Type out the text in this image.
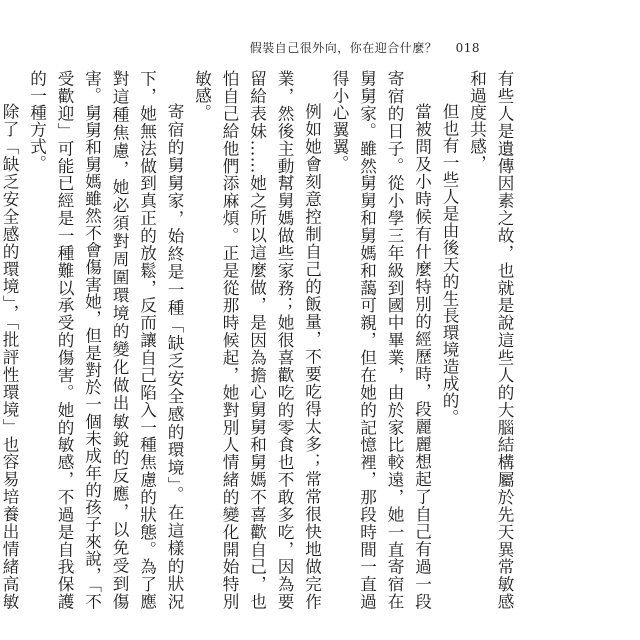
假裝自己很外向，你在迎合什麼？ 018

有些人是遺傳因素之故，也就是說這些人的大腦結構屬於先天異常敏感和過度共感，

但也有一些人是由後天的生長環境造成的。

當被問及小時候有什麼特別的經歷時，段麗麗想起了自己有過一段寄宿的日子。從小學三年級到國中畢業，由於家比較遠，她一直寄宿在舅舅家。雖然舅舅和舅媽和藹可親，但在她的記憶裡，那段時間一直過得小心翼翼。

例如她會刻意控制自己的飯量，不要吃得太多；常常很快地做完作業，然後主動幫舅媽做些家務；她很喜歡吃的零食也不敢多吃，因為要留給表妹……她之所以這麼做，是因為擔心舅舅和舅媽不喜歡自己，也怕自己給他們添麻煩。正是從那時候起，她對別人情緒的變化開始特別敏感。

寄宿的舅舅家，始終是一種「缺乏安全感的環境」。在這樣的狀況下，她無法做到真正的放鬆，反而讓自己陷入一種焦慮的狀態。為了應對這種焦慮，她必須對周圍環境的變化做出敏銳的反應，以免受到傷害。舅舅和舅媽雖然不會傷害她，但是對於一個未成年的孩子來說，「不受歡迎」可能已經是一種難以承受的傷害。她的敏感，不過是自我保護的一種方式。

除了「缺乏安全感的環境」，「批評性環境」也容易培養出情緒高敏
